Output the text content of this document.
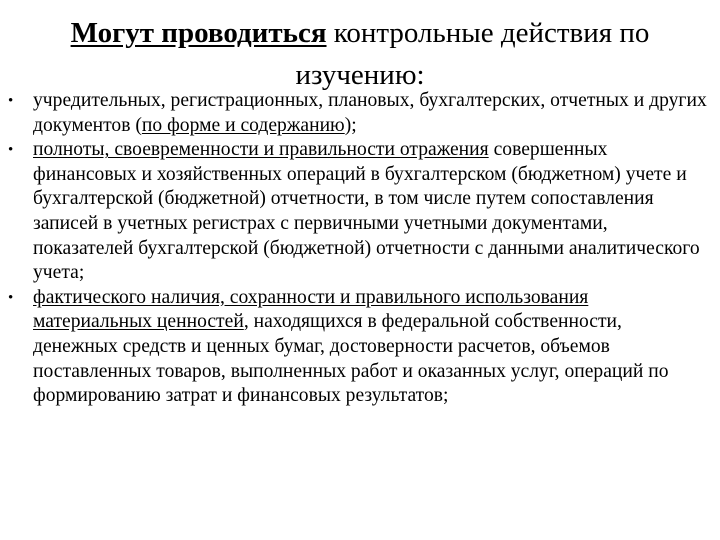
Могут проводиться контрольные действия по изучению:
• учредительных, регистрационных, плановых, бухгалтерских, отчетных и других документов (по форме и содержанию);
• полноты, своевременности и правильности отражения совершенных финансовых и хозяйственных операций в бухгалтерском (бюджетном) учете и бухгалтерской (бюджетной) отчетности, в том числе путем сопоставления записей в учетных регистрах с первичными учетными документами, показателей бухгалтерской (бюджетной) отчетности с данными аналитического учета;
• фактического наличия, сохранности и правильного использования материальных ценностей, находящихся в федеральной собственности, денежных средств и ценных бумаг, достоверности расчетов, объемов поставленных товаров, выполненных работ и оказанных услуг, операций по формированию затрат и финансовых результатов;
